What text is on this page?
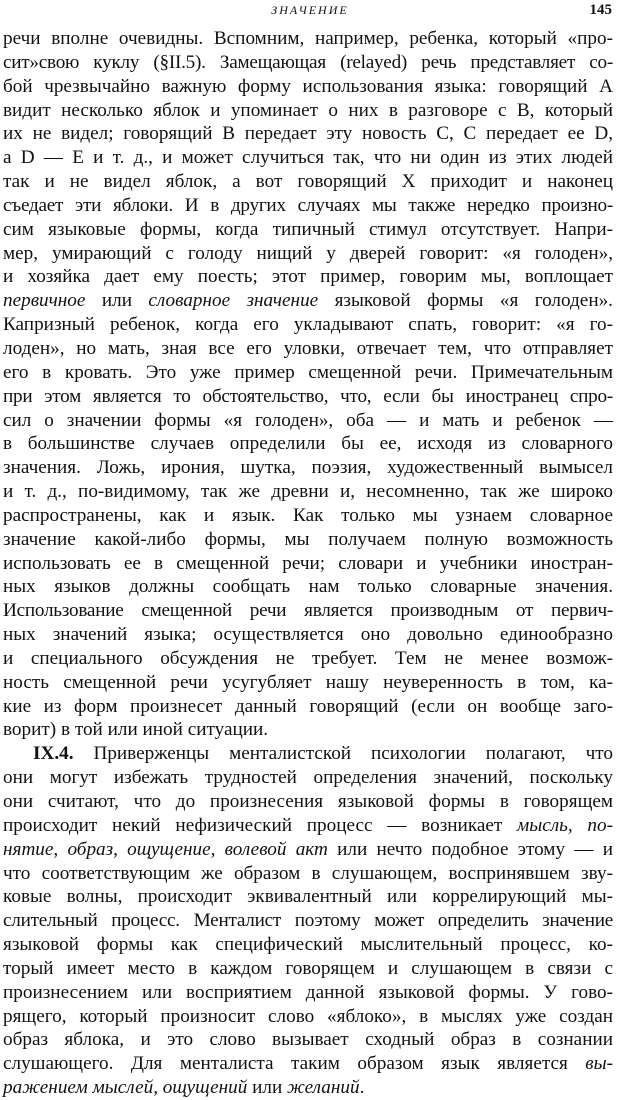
ЗНАЧЕНИЕ	145
речи вполне очевидны. Вспомним, например, ребенка, который «про-
сит»свою куклу (§II.5). Замещающая (relayed) речь представляет со-
бой чрезвычайно важную форму использования языка: говорящий А
видит несколько яблок и упоминает о них в разговоре с В, который
их не видел; говорящий В передает эту новость С, С передает ее D,
a D — E и т. д., и может случиться так, что ни один из этих людей
так и не видел яблок, а вот говорящий X приходит и наконец
съедает эти яблоки. И в других случаях мы также нередко произно-
сим языковые формы, когда типичный стимул отсутствует. Напри-
мер, умирающий с голоду нищий у дверей говорит: «я голоден»,
и хозяйка дает ему поесть; этот пример, говорим мы, воплощает
первичное или словарное значение языковой формы «я голоден».
Капризный ребенок, когда его укладывают спать, говорит: «я го-
лоден», но мать, зная все его уловки, отвечает тем, что отправляет
его в кровать. Это уже пример смещенной речи. Примечательным
при этом является то обстоятельство, что, если бы иностранец спро-
сил о значении формы «я голоден», оба — и мать и ребенок —
в большинстве случаев определили бы ее, исходя из словарного
значения. Ложь, ирония, шутка, поэзия, художественный вымысел
и т. д., по-видимому, так же древни и, несомненно, так же широко
распространены, как и язык. Как только мы узнаем словарное
значение какой-либо формы, мы получаем полную возможность
использовать ее в смещенной речи; словари и учебники иностран-
ных языков должны сообщать нам только словарные значения.
Использование смещенной речи является производным от первич-
ных значений языка; осуществляется оно довольно единообразно
и специального обсуждения не требует. Тем не менее возмож-
ность смещенной речи усугубляет нашу неуверенность в том, ка-
кие из форм произнесет данный говорящий (если он вообще заго-
ворит) в той или иной ситуации.
IX.4. Приверженцы менталистской психологии полагают, что
они могут избежать трудностей определения значений, поскольку
они считают, что до произнесения языковой формы в говорящем
происходит некий нефизический процесс — возникает мысль, по-
нятие, образ, ощущение, волевой акт или нечто подобное этому — и
что соответствующим же образом в слушающем, воспринявшем зву-
ковые волны, происходит эквивалентный или коррелирующий мы-
слительный процесс. Менталист поэтому может определить значение
языковой формы как специфический мыслительный процесс, ко-
торый имеет место в каждом говорящем и слушающем в связи с
произнесением или восприятием данной языковой формы. У гово-
рящего, который произносит слово «яблоко», в мыслях уже создан
образ яблока, и это слово вызывает сходный образ в сознании
слушающего. Для менталиста таким образом язык является вы-
ражением мыслей, ощущений или желаний.
